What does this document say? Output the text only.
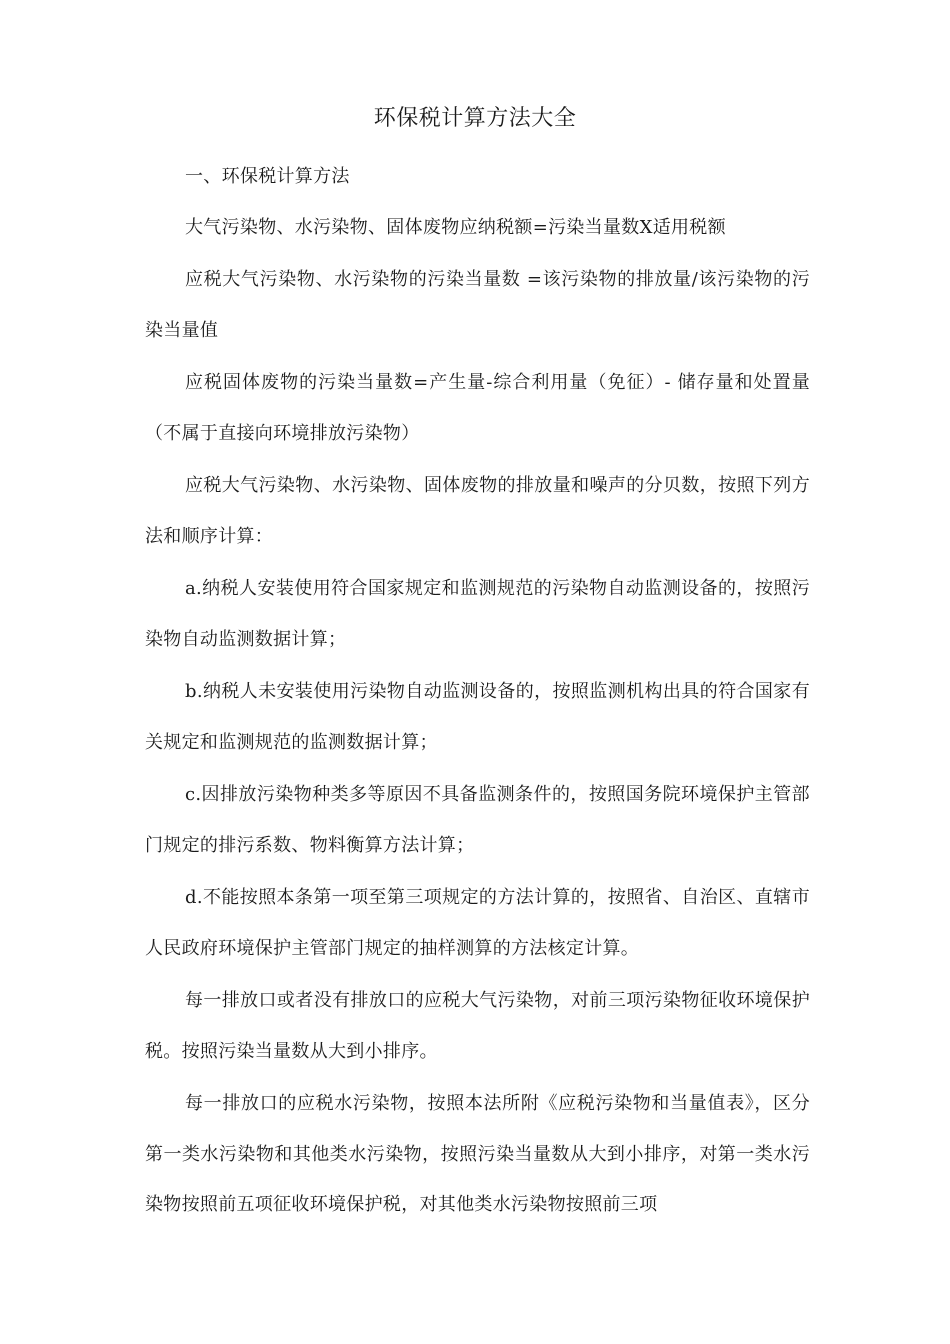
环保税计算方法大全

一、环保税计算方法

大气污染物、水污染物、固体废物应纳税额=污染当量数X适用税额

应税大气污染物、水污染物的污染当量数 =该污染物的排放量/该污染物的污染当量值

应税固体废物的污染当量数=产生量-综合利用量（免征）- 储存量和处置量（不属于直接向环境排放污染物）

应税大气污染物、水污染物、固体废物的排放量和噪声的分贝数，按照下列方法和顺序计算：

a.纳税人安装使用符合国家规定和监测规范的污染物自动监测设备的，按照污染物自动监测数据计算；

b.纳税人未安装使用污染物自动监测设备的，按照监测机构出具的符合国家有关规定和监测规范的监测数据计算；

c.因排放污染物种类多等原因不具备监测条件的，按照国务院环境保护主管部门规定的排污系数、物料衡算方法计算；

d.不能按照本条第一项至第三项规定的方法计算的，按照省、自治区、直辖市人民政府环境保护主管部门规定的抽样测算的方法核定计算。

每一排放口或者没有排放口的应税大气污染物，对前三项污染物征收环境保护税。按照污染当量数从大到小排序。

每一排放口的应税水污染物，按照本法所附《应税污染物和当量值表》，区分第一类水污染物和其他类水污染物，按照污染当量数从大到小排序，对第一类水污染物按照前五项征收环境保护税，对其他类水污染物按照前三项
